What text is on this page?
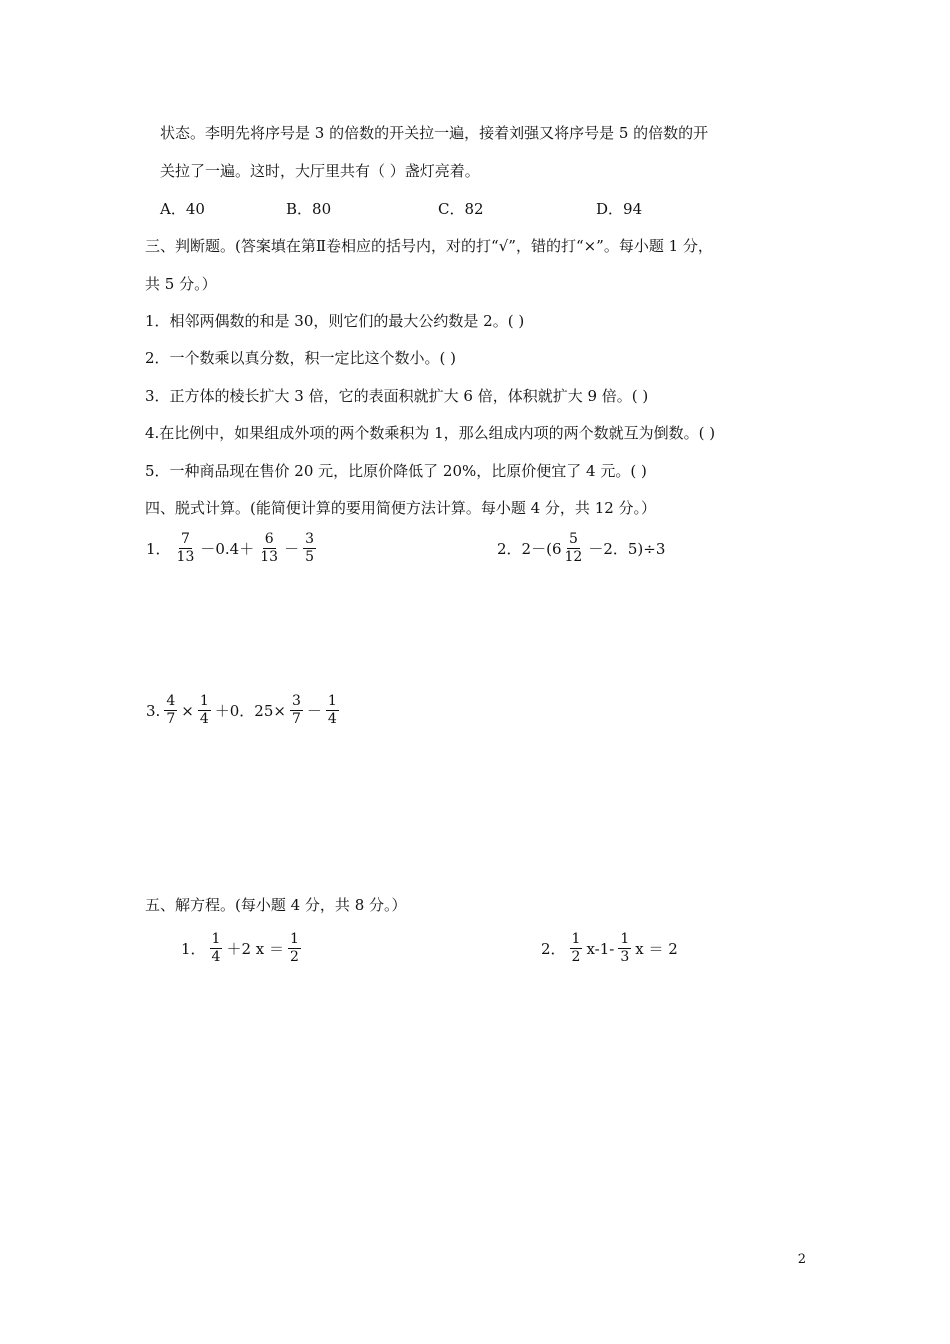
状态。李明先将序号是 3 的倍数的开关拉一遍，接着刘强又将序号是 5 的倍数的开
关拉了一遍。这时，大厅里共有（ ）盏灯亮着。
A．40	B．80	C．82	D．94
三、判断题。(答案填在第Ⅱ卷相应的括号内，对的打“√”，错的打“×”。每小题 1 分，
共 5 分。）
1．相邻两偶数的和是 30，则它们的最大公约数是 2。( )
2．一个数乘以真分数，积一定比这个数小。( )
3．正方体的棱长扩大 3 倍，它的表面积就扩大 6 倍，体积就扩大 9 倍。( )
4.在比例中，如果组成外项的两个数乘积为 1，那么组成内项的两个数就互为倒数。( )
5．一种商品现在售价 20 元，比原价降低了 20%，比原价便宜了 4 元。( )
四、脱式计算。(能简便计算的要用简便方法计算。每小题 4 分，共 12 分。）
1． $\frac{7}{13} -0.4+ \frac{6}{13} - \frac{3}{5}$	2．$2-(6 \frac{5}{12} -2$．5)÷3
3. $\frac{4}{7} \times \frac{1}{4} +0$．$25\times \frac{3}{7} - \frac{1}{4}$
五、解方程。(每小题 4 分，共 8 分。）
1． $\frac{1}{4} +2$ $x = \frac{1}{2}$	2． $\frac{1}{2} x-1- \frac{1}{3}$ x ＝ 2
2
